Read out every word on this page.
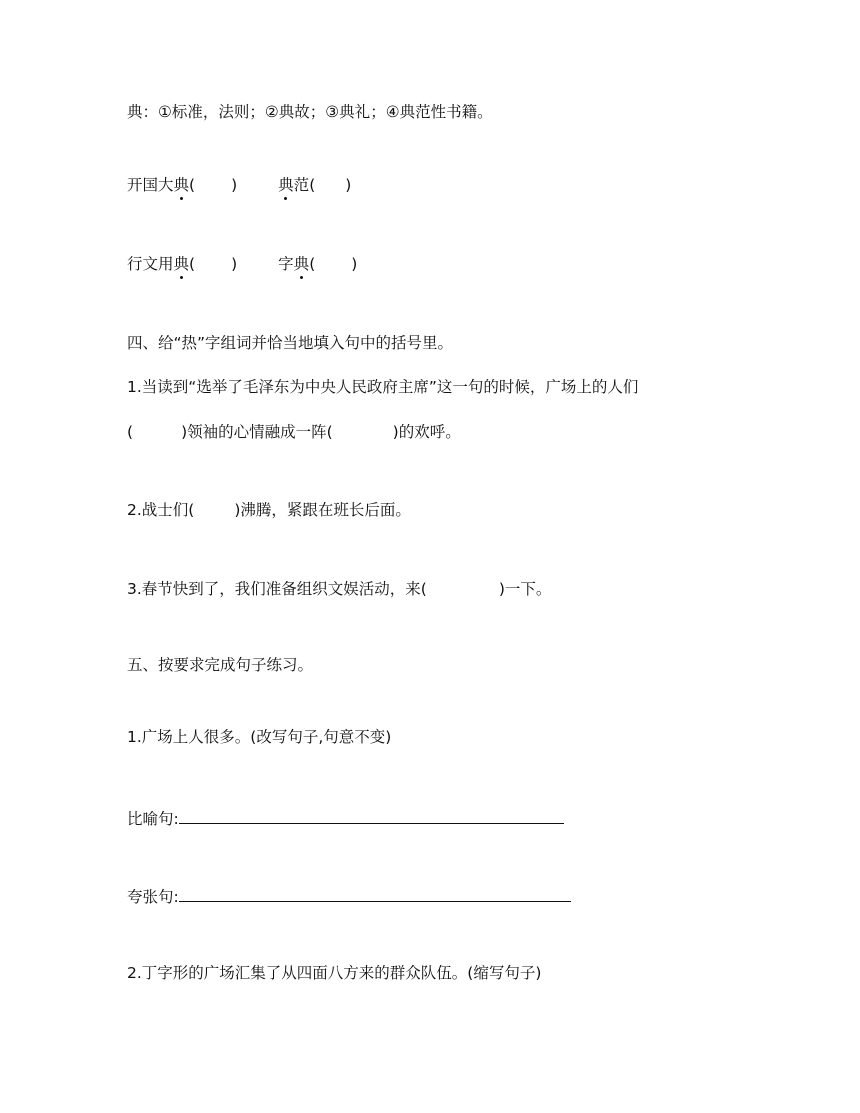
典：①标准，法则；②典故；③典礼；④典范性书籍。
开国大典( )	典范( )
行文用典( )	字典( )
四、给“热”字组词并恰当地填入句中的括号里。
1.当读到“选举了毛泽东为中央人民政府主席”这一句的时候，广场上的人们
(	)领袖的心情融成一阵(	)的欢呼。
2.战士们(	)沸腾，紧跟在班长后面。
3.春节快到了，我们准备组织文娱活动，来(	)一下。
五、按要求完成句子练习。
1.广场上人很多。(改写句子,句意不变)
比喻句:
夸张句:
2.丁字形的广场汇集了从四面八方来的群众队伍。(缩写句子)
